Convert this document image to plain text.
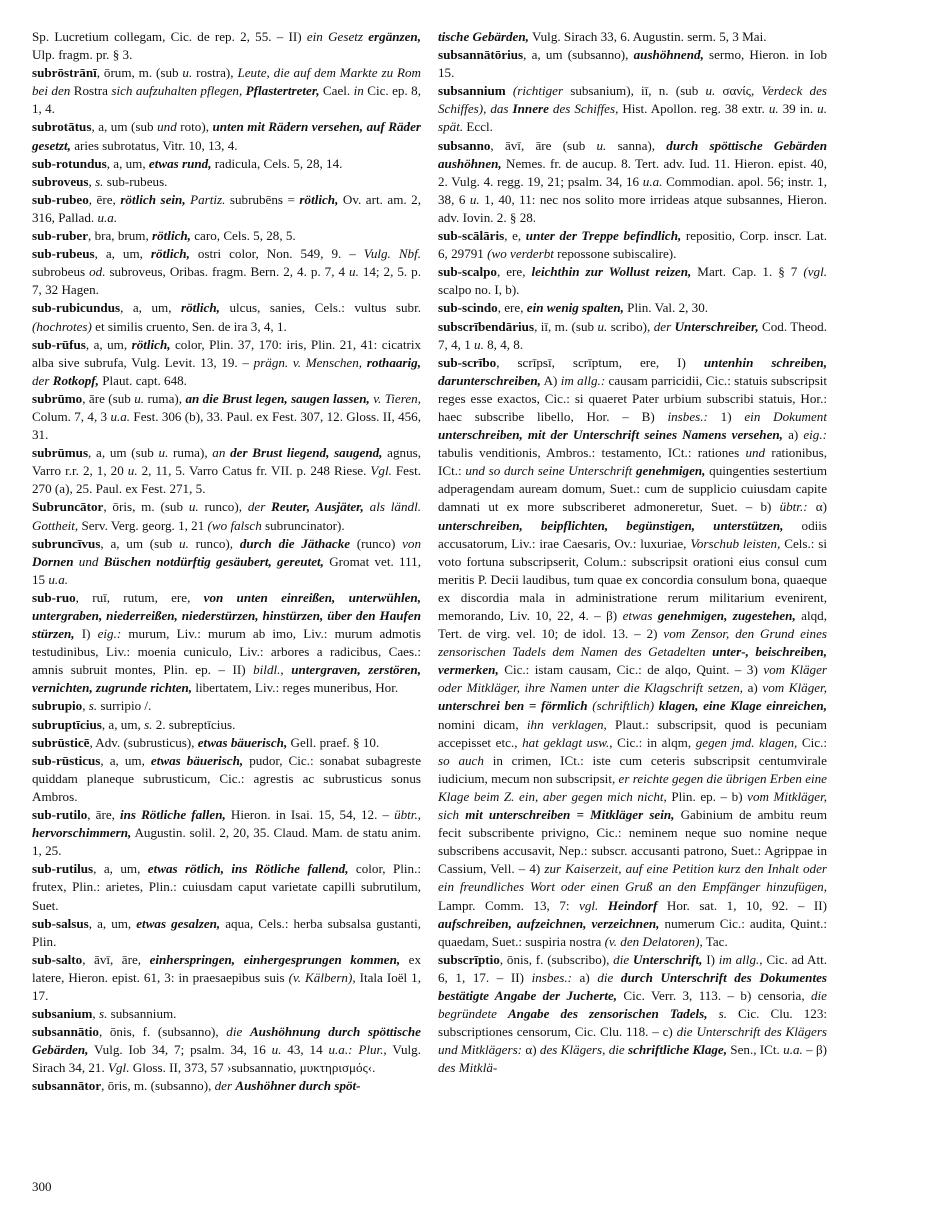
Sp. Lucretium collegam, Cic. de rep. 2, 55. – II) ein Gesetz ergänzen, Ulp. fragm. pr. § 3.

subrōstrānī, ōrum, m. (sub u. rostra), Leute, die auf dem Markte zu Rom bei den Rostra sich aufzuhalten pflegen, Pflastertreter, Cael. in Cic. ep. 8, 1, 4.

subrotātus, a, um (sub und roto), unten mit Rädern versehen, auf Räder gesetzt, aries subrotatus, Vitr. 10, 13, 4.

sub-rotundus, a, um, etwas rund, radicula, Cels. 5, 28, 14.

subroveus, s. sub-rubeus.

sub-rubeo, ēre, rötlich sein, Partiz. subrubēns = rötlich, Ov. art. am. 2, 316, Pallad. u.a.

sub-ruber, bra, brum, rötlich, caro, Cels. 5, 28, 5.

sub-rubeus, a, um, rötlich, ostri color, Non. 549, 9. – Vulg. Nbf. subrobeus od. subroveus, Oribas. fragm. Bern. 2, 4. p. 7, 4 u. 14; 2, 5. p. 7, 32 Hagen.

sub-rubicundus, a, um, rötlich, ulcus, sanies, Cels.: vultus subr. (hochrotes) et similis cruento, Sen. de ira 3, 4, 1.

sub-rūfus, a, um, rötlich, color, Plin. 37, 170: iris, Plin. 21, 41: cicatrix alba sive subrufa, Vulg. Levit. 13, 19. – prägn. v. Menschen, rothaarig, der Rotkopf, Plaut. capt. 648.

subrūmo, āre (sub u. ruma), an die Brust legen, saugen lassen, v. Tieren, Colum. 7, 4, 3 u.a. Fest. 306 (b), 33. Paul. ex Fest. 307, 12. Gloss. II, 456, 31.

subrūmus, a, um (sub u. ruma), an der Brust liegend, saugend, agnus, Varro r.r. 2, 1, 20 u. 2, 11, 5. Varro Catus fr. VII. p. 248 Riese. Vgl. Fest. 270 (a), 25. Paul. ex Fest. 271, 5.

Subruncātor, ōris, m. (sub u. runco), der Reuter, Ausjäter, als ländl. Gottheit, Serv. Verg. georg. 1, 21 (wo falsch subruncinator).

subruncīvus, a, um (sub u. runco), durch die Jäthacke (runco) von Dornen und Büschen notdürftig gesäubert, gereutet, Gromat vet. 111, 15 u.a.

sub-ruo, ruī, rutum, ere, von unten einreißen, unterwühlen, untergraben, niederreißen, niederstürzen, hinstürzen, über den Haufen stürzen, I) eig.: murum, Liv.: murum ab imo, Liv.: murum admotis testudinibus, Liv.: moenia cuniculo, Liv.: arbores a radicibus, Caes.: amnis subruit montes, Plin. ep. – II) bildl., untergraven, zerstören, vernichten, zugrunde richten, libertatem, Liv.: reges muneribus, Hor.

subrupio, s. surripio /.

subruptīcius, a, um, s. 2. subreptīcius.

subrūsticē, Adv. (subrusticus), etwas bäuerisch, Gell. praef. § 10.

sub-rūsticus, a, um, etwas bäuerisch, pudor, Cic.: sonabat subagreste quiddam planeque subrusticum, Cic.: agrestis ac subrusticus sonus Ambros.

sub-rutilo, āre, ins Rötliche fallen, Hieron. in Isai. 15, 54, 12. – übtr., hervorschimmern, Augustin. solil. 2, 20, 35. Claud. Mam. de statu anim. 1, 25.

sub-rutilus, a, um, etwas rötlich, ins Rötliche fallend, color, Plin.: frutex, Plin.: arietes, Plin.: cuiusdam caput varietate capilli subrutilum, Suet.

sub-salsus, a, um, etwas gesalzen, aqua, Cels.: herba subsalsa gustanti, Plin.

sub-salto, āvī, āre, einherspringen, einhergesprungen kommen, ex latere, Hieron. epist. 61, 3: in praesaepibus suis (v. Kälbern), Itala Ioël 1, 17.

subsanium, s. subsannium.

subsannātio, ōnis, f. (subsanno), die Aushöhnung durch spöttische Gebärden, Vulg. Iob 34, 7; psalm. 34, 16 u. 43, 14 u.a.: Plur., Vulg. Sirach 34, 21. Vgl. Gloss. II, 373, 57 ›subsannatio, μυκτηρισμός‹.

subsannātor, ōris, m. (subsanno), der Aushöhner durch spöt-

tische Gebärden, Vulg. Sirach 33, 6. Augustin. serm. 5, 3 Mai.

subsannātōrius, a, um (subsanno), aushöhnend, sermo, Hieron. in Iob 15.

subsannium (richtiger subsanium), iī, n. (sub u. σανίς, Verdeck des Schiffes), das Innere des Schiffes, Hist. Apollon. reg. 38 extr. u. 39 in. u. spät. Eccl.

subsanno, āvī, āre (sub u. sanna), durch spöttische Gebärden aushöhnen, Nemes. fr. de aucup. 8. Tert. adv. Iud. 11. Hieron. epist. 40, 2. Vulg. 4. regg. 19, 21; psalm. 34, 16 u.a. Commodian. apol. 56; instr. 1, 38, 6 u. 1, 40, 11: nec nos solito more irrideas atque subsannes, Hieron. adv. Iovin. 2. § 28.

sub-scālāris, e, unter der Treppe befindlich, repositio, Corp. inscr. Lat. 6, 29791 (wo verderbt repossone subiscalire).

sub-scalpo, ere, leichthin zur Wollust reizen, Mart. Cap. 1. § 7 (vgl. scalpo no. I, b).

sub-scindo, ere, ein wenig spalten, Plin. Val. 2, 30.

subscrībendārius, iī, m. (sub u. scribo), der Unterschreiber, Cod. Theod. 7, 4, 1 u. 8, 4, 8.

sub-scrībo, scrīpsī, scrīptum, ere, I) untenhin schreiben, darunterschreiben, A) im allg.: causam parricidii, Cic.: statuis subscripsit reges esse exactos, Cic.: si quaeret Pater urbium subscribi statuis, Hor.: haec subscribe libello, Hor. – B) insbes.: 1) ein Dokument unterschreiben, mit der Unterschrift seines Namens versehen, a) eig.: tabulis venditionis, Ambros.: testamento, ICt.: rationes und rationibus, ICt.: und so durch seine Unterschrift genehmigen, quingenties sestertium adperagendam auream domum, Suet.: cum de supplicio cuiusdam capite damnati ut ex more subscriberet admoneretur, Suet. – b) übtr.: α) unterschreiben, beipflichten, begünstigen, unterstützen, odiis accusatorum, Liv.: irae Caesaris, Ov.: luxuriae, Vorschub leisten, Cels.: si voto fortuna subscripserit, Colum.: subscripsit orationi eius consul cum meritis P. Decii laudibus, tum quae ex concordia consulum bona, quaeque ex discordia mala in administratione rerum militarium evenirent, memorando, Liv. 10, 22, 4. – β) etwas genehmigen, zugestehen, alqd, Tert. de virg. vel. 10; de idol. 13. – 2) vom Zensor, den Grund eines zensorischen Tadels dem Namen des Getadelten unter-, beischreiben, vermerken, Cic.: istam causam, Cic.: de alqo, Quint. – 3) vom Kläger oder Mitkläger, ihre Namen unter die Klagschrift setzen, a) vom Kläger, unterschrei ben = förmlich (schriftlich) klagen, eine Klage einreichen, nomini dicam, ihn verklagen, Plaut.: subscripsit, quod is pecuniam accepisset etc., hat geklagt usw., Cic.: in alqm, gegen jmd. klagen, Cic.: so auch in crimen, ICt.: iste cum ceteris subscripsit centumvirale iudicium, mecum non subscripsit, er reichte gegen die übrigen Erben eine Klage beim Z. ein, aber gegen mich nicht, Plin. ep. – b) vom Mitkläger, sich mit unterschreiben = Mitkläger sein, Gabinium de ambitu reum fecit subscribente privigno, Cic.: neminem neque suo nomine neque subscribens accusavit, Nep.: subscr. accusanti patrono, Suet.: Agrippae in Cassium, Vell. – 4) zur Kaiserzeit, auf eine Petition kurz den Inhalt oder ein freundliches Wort oder einen Gruß an den Empfänger hinzufügen, Lampr. Comm. 13, 7: vgl. Heindorf Hor. sat. 1, 10, 92. – II) aufschreiben, aufzeichnen, verzeichnen, numerum Cic.: audita, Quint.: quaedam, Suet.: suspiria nostra (v. den Delatoren), Tac.

subscrīptio, ōnis, f. (subscribo), die Unterschrift, I) im allg., Cic. ad Att. 6, 1, 17. – II) insbes.: a) die durch Unterschrift des Dokumentes bestätigte Angabe der Jucherte, Cic. Verr. 3, 113. – b) censoria, die begründete Angabe des zensorischen Tadels, s. Cic. Clu. 123: subscriptiones censorum, Cic. Clu. 118. – c) die Unterschrift des Klägers und Mitklägers: α) des Klägers, die schriftliche Klage, Sen., ICt. u.a. – β) des Mitklä-

300
